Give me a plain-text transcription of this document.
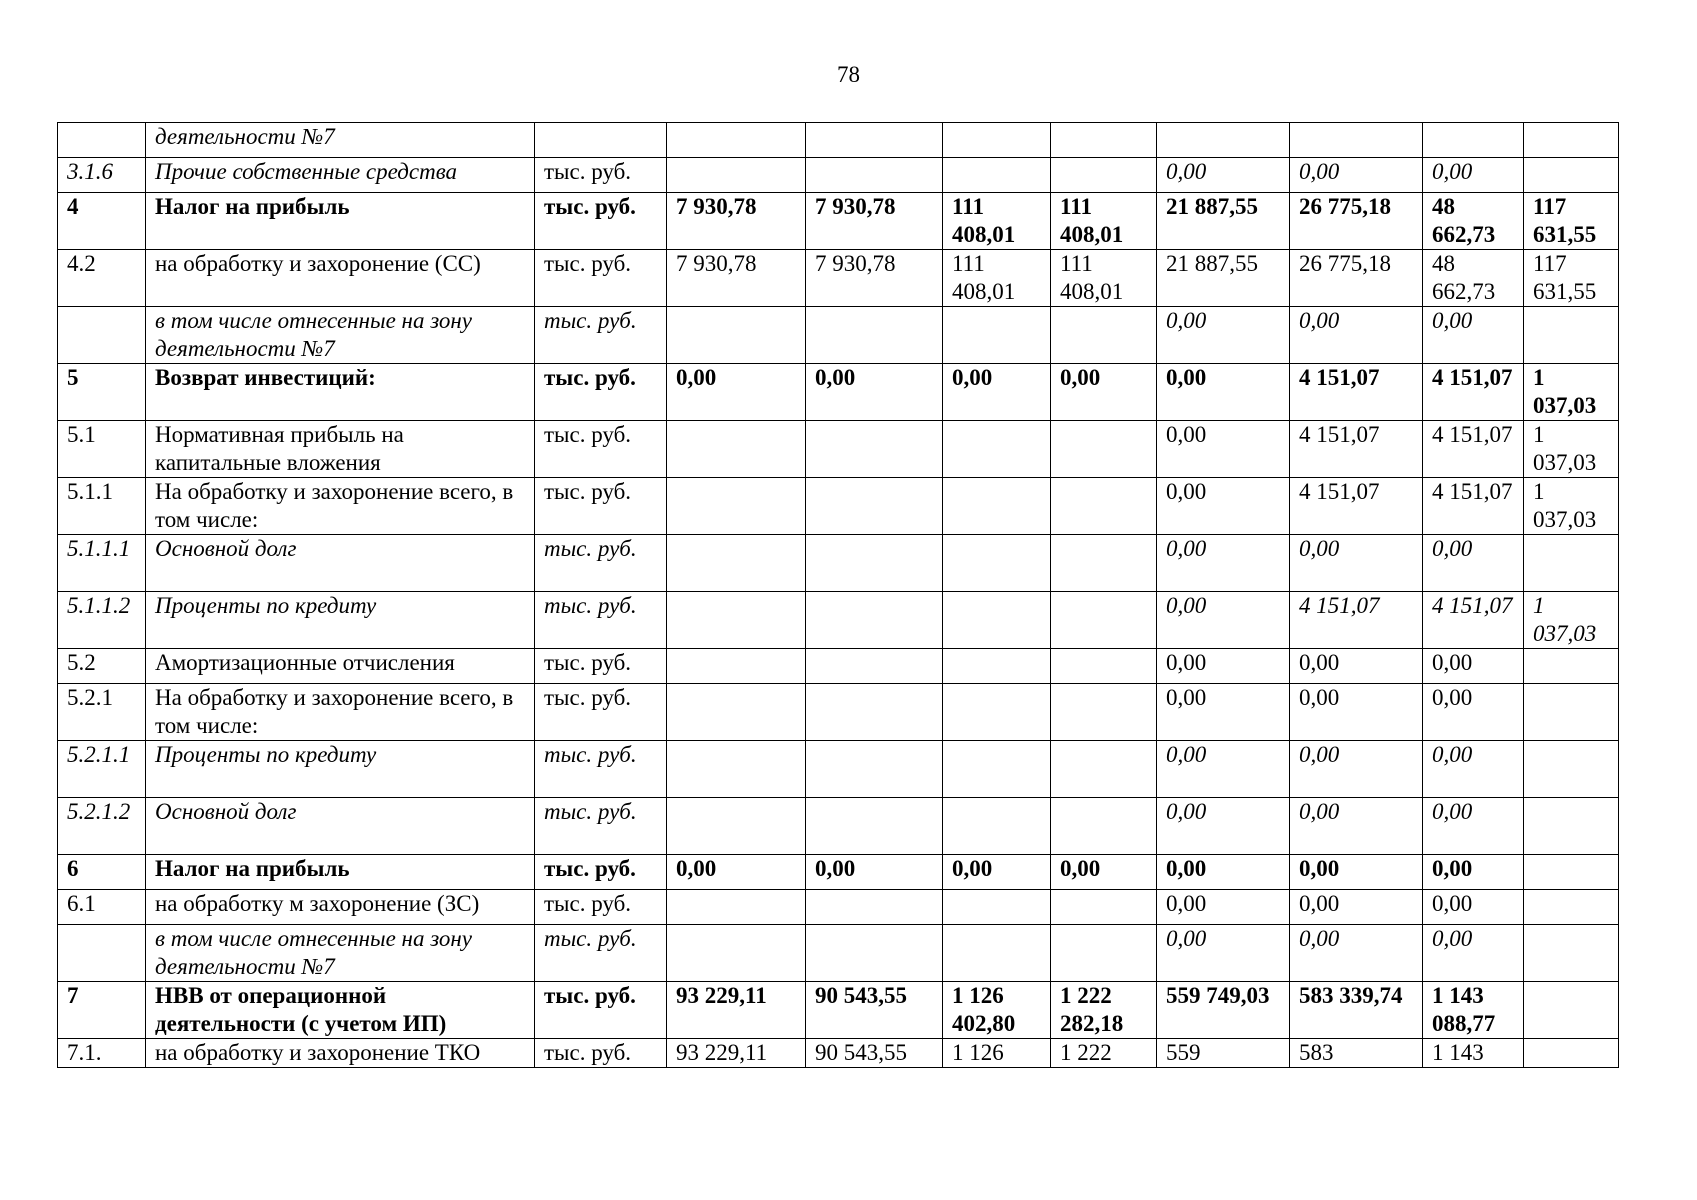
78
	деятельности №7									
3.1.6	Прочие собственные средства	тыс. руб.					0,00	0,00	0,00	
4	Налог на прибыль	тыс. руб.	7 930,78	7 930,78	111 408,01	111 408,01	21 887,55	26 775,18	48 662,73	117 631,55
4.2	на обработку и захоронение (СС)	тыс. руб.	7 930,78	7 930,78	111 408,01	111 408,01	21 887,55	26 775,18	48 662,73	117 631,55
	в том числе отнесенные на зону деятельности №7	тыс. руб.					0,00	0,00	0,00	
5	Возврат инвестиций:	тыс. руб.	0,00	0,00	0,00	0,00	0,00	4 151,07	4 151,07	1 037,03
5.1	Нормативная прибыль на капитальные вложения	тыс. руб.					0,00	4 151,07	4 151,07	1 037,03
5.1.1	На обработку и захоронение всего, в том числе:	тыс. руб.					0,00	4 151,07	4 151,07	1 037,03
5.1.1.1	Основной долг	тыс. руб.					0,00	0,00	0,00	
5.1.1.2	Проценты по кредиту	тыс. руб.					0,00	4 151,07	4 151,07	1 037,03
5.2	Амортизационные отчисления	тыс. руб.					0,00	0,00	0,00	
5.2.1	На обработку и захоронение всего, в том числе:	тыс. руб.					0,00	0,00	0,00	
5.2.1.1	Проценты по кредиту	тыс. руб.					0,00	0,00	0,00	
5.2.1.2	Основной долг	тыс. руб.					0,00	0,00	0,00	
6	Налог на прибыль	тыс. руб.	0,00	0,00	0,00	0,00	0,00	0,00	0,00	
6.1	на обработку м захоронение (ЗС)	тыс. руб.					0,00	0,00	0,00	
	в том числе отнесенные на зону деятельности №7	тыс. руб.					0,00	0,00	0,00	
7	НВВ от операционной деятельности (с учетом ИП)	тыс. руб.	93 229,11	90 543,55	1 126 402,80	1 222 282,18	559 749,03	583 339,74	1 143 088,77	
7.1.	на обработку и захоронение ТКО	тыс. руб.	93 229,11	90 543,55	1 126	1 222	559	583	1 143	
